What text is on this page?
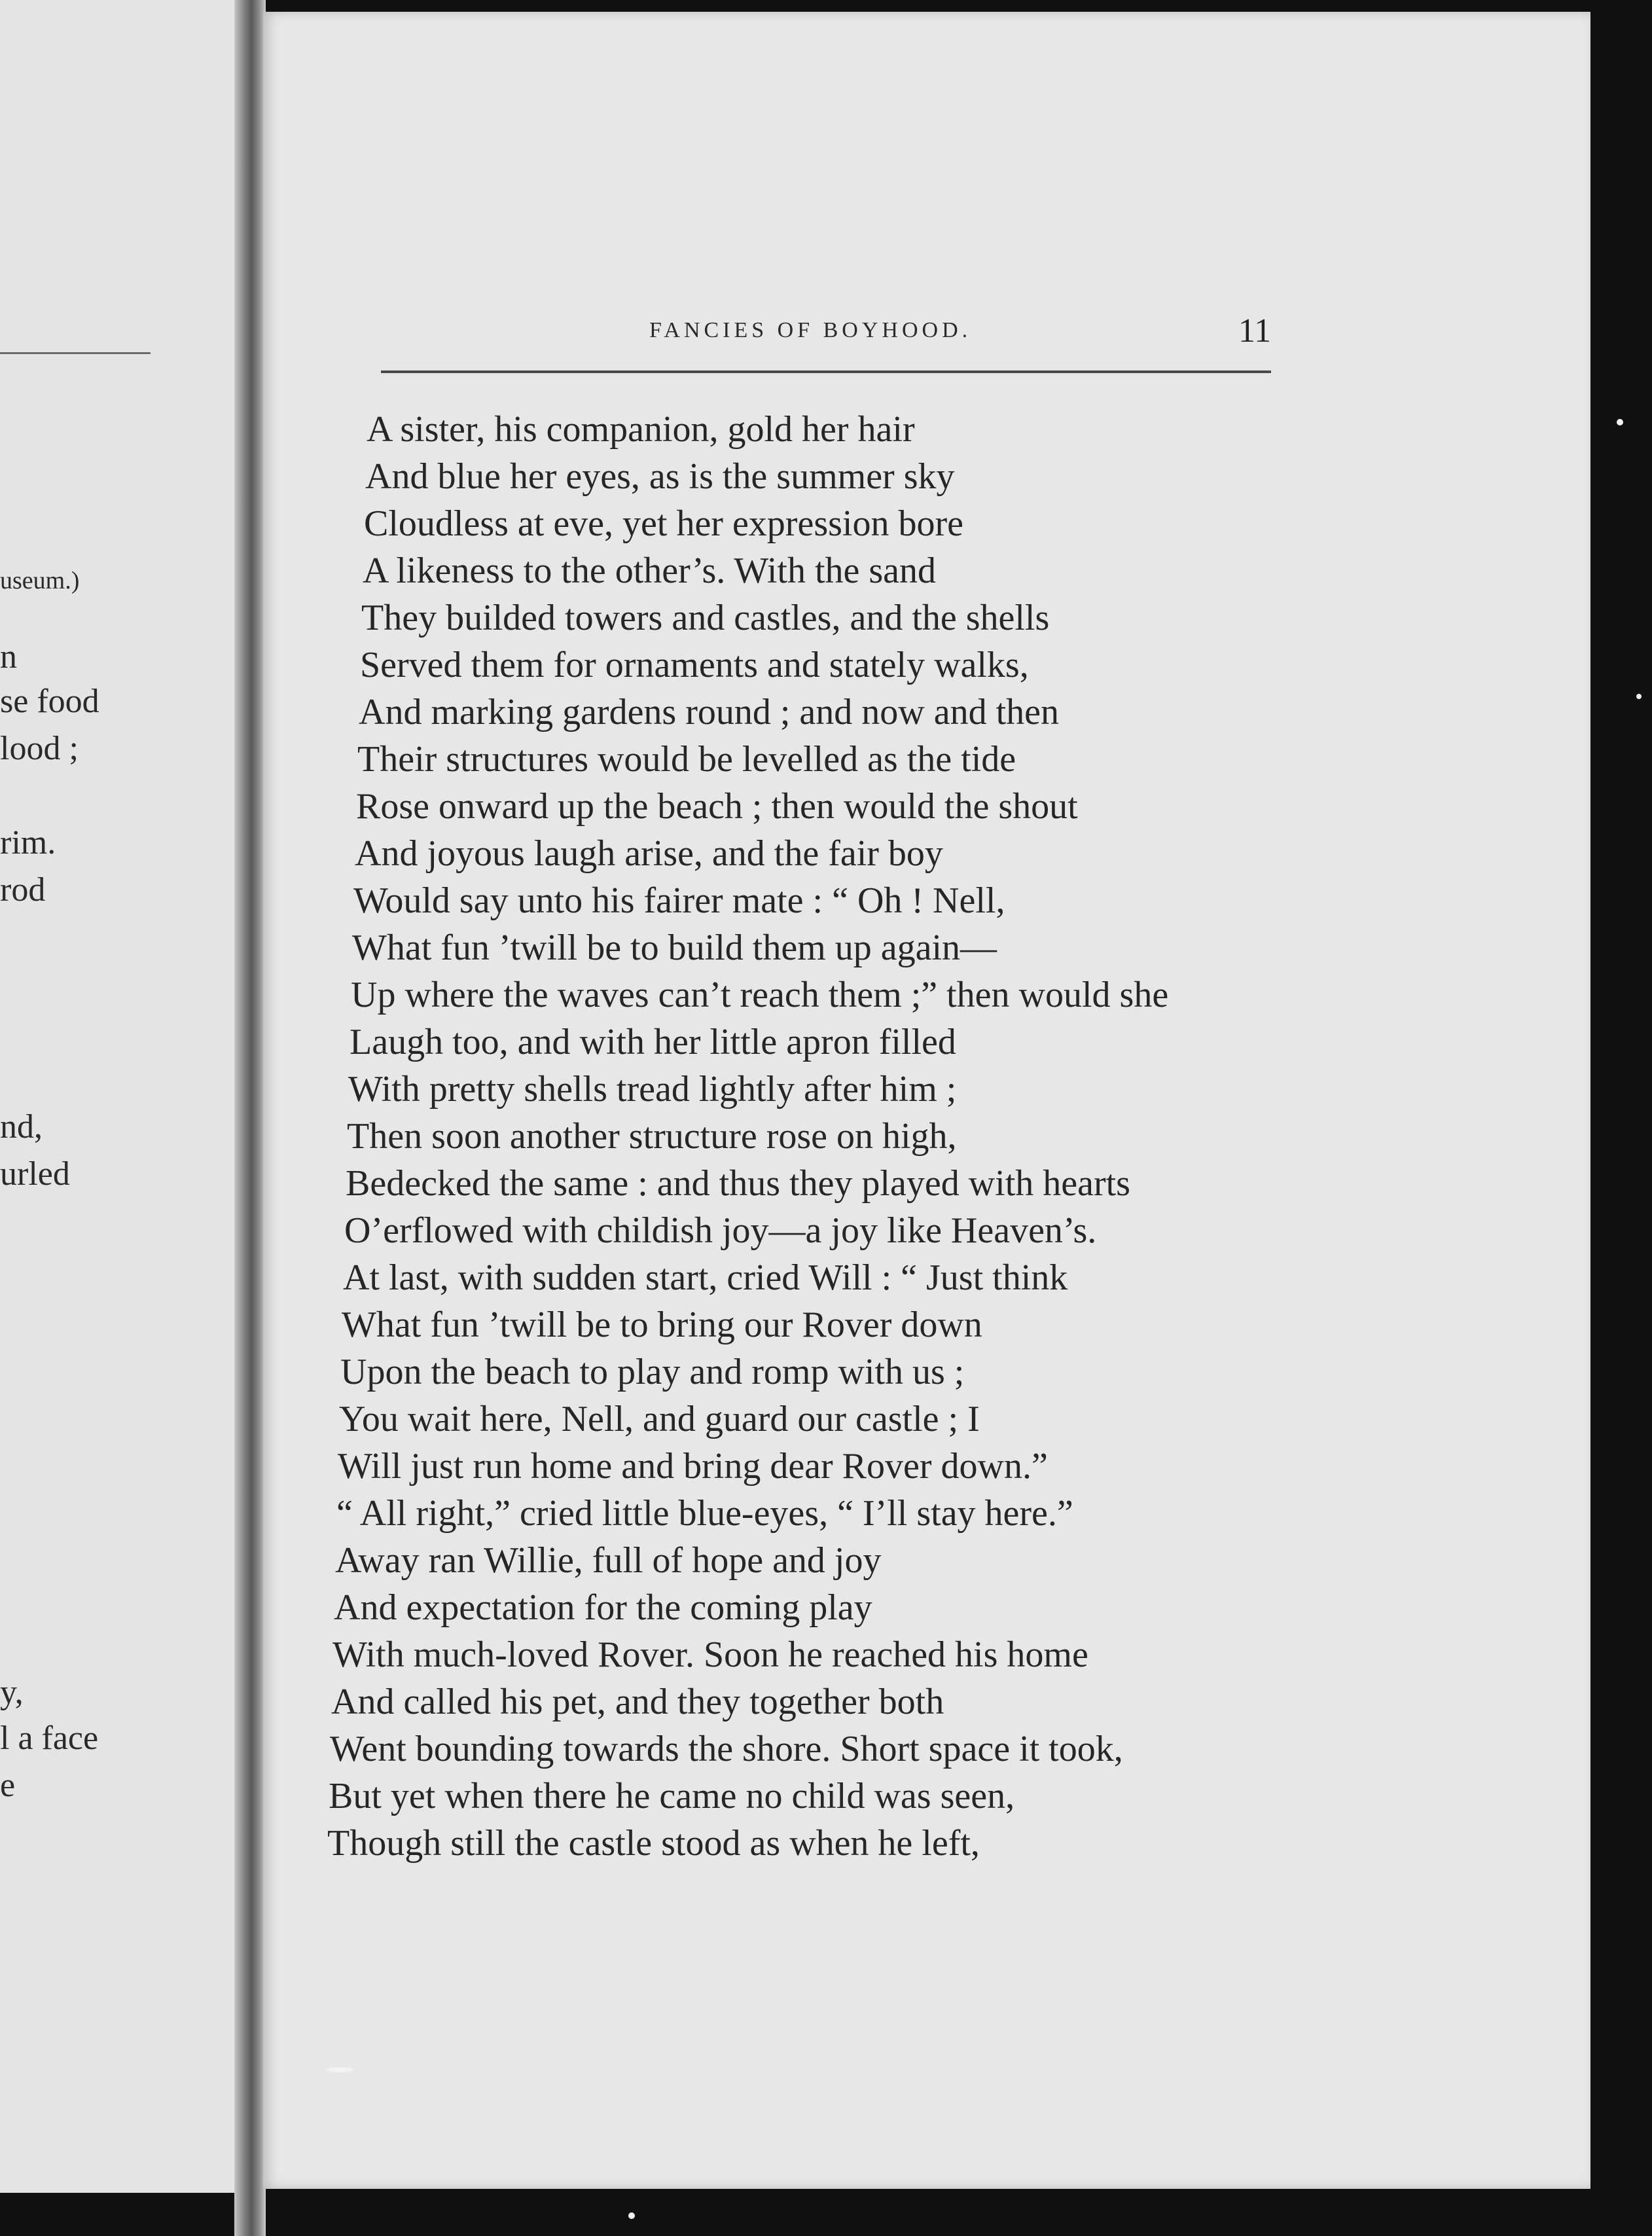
useum.)
n
se food
lood ;
rim.
rod
nd,
urled
y,
l a face
e
FANCIES OF BOYHOOD.	11
A sister, his companion, gold her hair
And blue her eyes, as is the summer sky
Cloudless at eve, yet her expression bore
A likeness to the other’s. With the sand
They builded towers and castles, and the shells
Served them for ornaments and stately walks,
And marking gardens round ; and now and then
Their structures would be levelled as the tide
Rose onward up the beach ; then would the shout
And joyous laugh arise, and the fair boy
Would say unto his fairer mate : “ Oh ! Nell,
What fun ’twill be to build them up again—
Up where the waves can’t reach them ;” then would she
Laugh too, and with her little apron filled
With pretty shells tread lightly after him ;
Then soon another structure rose on high,
Bedecked the same : and thus they played with hearts
O’erflowed with childish joy—a joy like Heaven’s.
At last, with sudden start, cried Will : “ Just think
What fun ’twill be to bring our Rover down
Upon the beach to play and romp with us ;
You wait here, Nell, and guard our castle ; I
Will just run home and bring dear Rover down.”
“ All right,” cried little blue-eyes, “ I’ll stay here.”
Away ran Willie, full of hope and joy
And expectation for the coming play
With much-loved Rover. Soon he reached his home
And called his pet, and they together both
Went bounding towards the shore. Short space it took,
But yet when there he came no child was seen,
Though still the castle stood as when he left,
